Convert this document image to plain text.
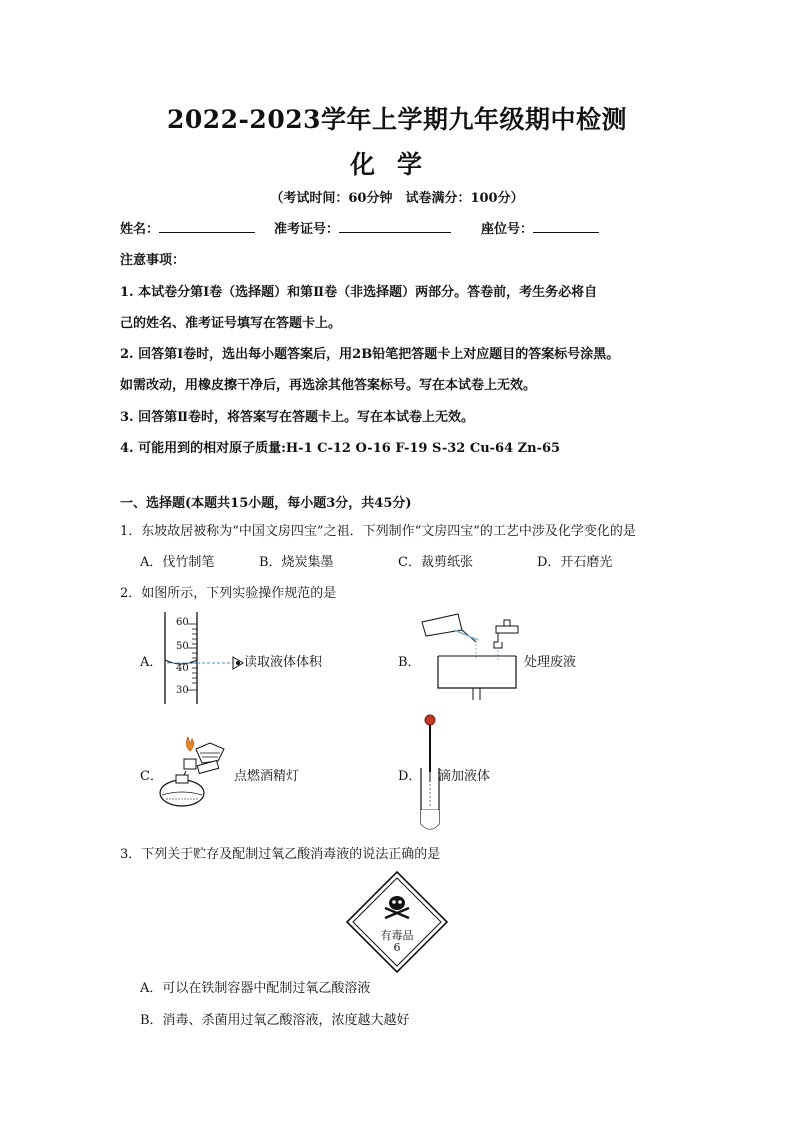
2022-2023学年上学期九年级期中检测
化学
（考试时间：60分钟　试卷满分：100分）
姓名：	准考证号：	座位号：
注意事项：
1. 本试卷分第Ⅰ卷（选择题）和第Ⅱ卷（非选择题）两部分。答卷前，考生务必将自
己的姓名、准考证号填写在答题卡上。
2. 回答第Ⅰ卷时，选出每小题答案后，用2B铅笔把答题卡上对应题目的答案标号涂黑。
如需改动，用橡皮擦干净后，再选涂其他答案标号。写在本试卷上无效。
3. 回答第Ⅱ卷时，将答案写在答题卡上。写在本试卷上无效。
4. 可能用到的相对原子质量:H-1 C-12 O-16 F-19 S-32 Cu-64 Zn-65
一、选择题(本题共15小题，每小题3分，共45分)
1．东坡故居被称为“中国文房四宝”之祖．下列制作“文房四宝”的工艺中涉及化学变化的是
A．伐竹制笔	B．烧炭集墨	C．裁剪纸张	D．开石磨光
2．如图所示，下列实验操作规范的是
A．
60
50
40
30
读取液体体积	B．	处理废液
C．	点燃酒精灯	D． 滴加液体
3．下列关于贮存及配制过氧乙酸消毒液的说法正确的是
有毒品
6
A．可以在铁制容器中配制过氧乙酸溶液
B．消毒、杀菌用过氧乙酸溶液，浓度越大越好
